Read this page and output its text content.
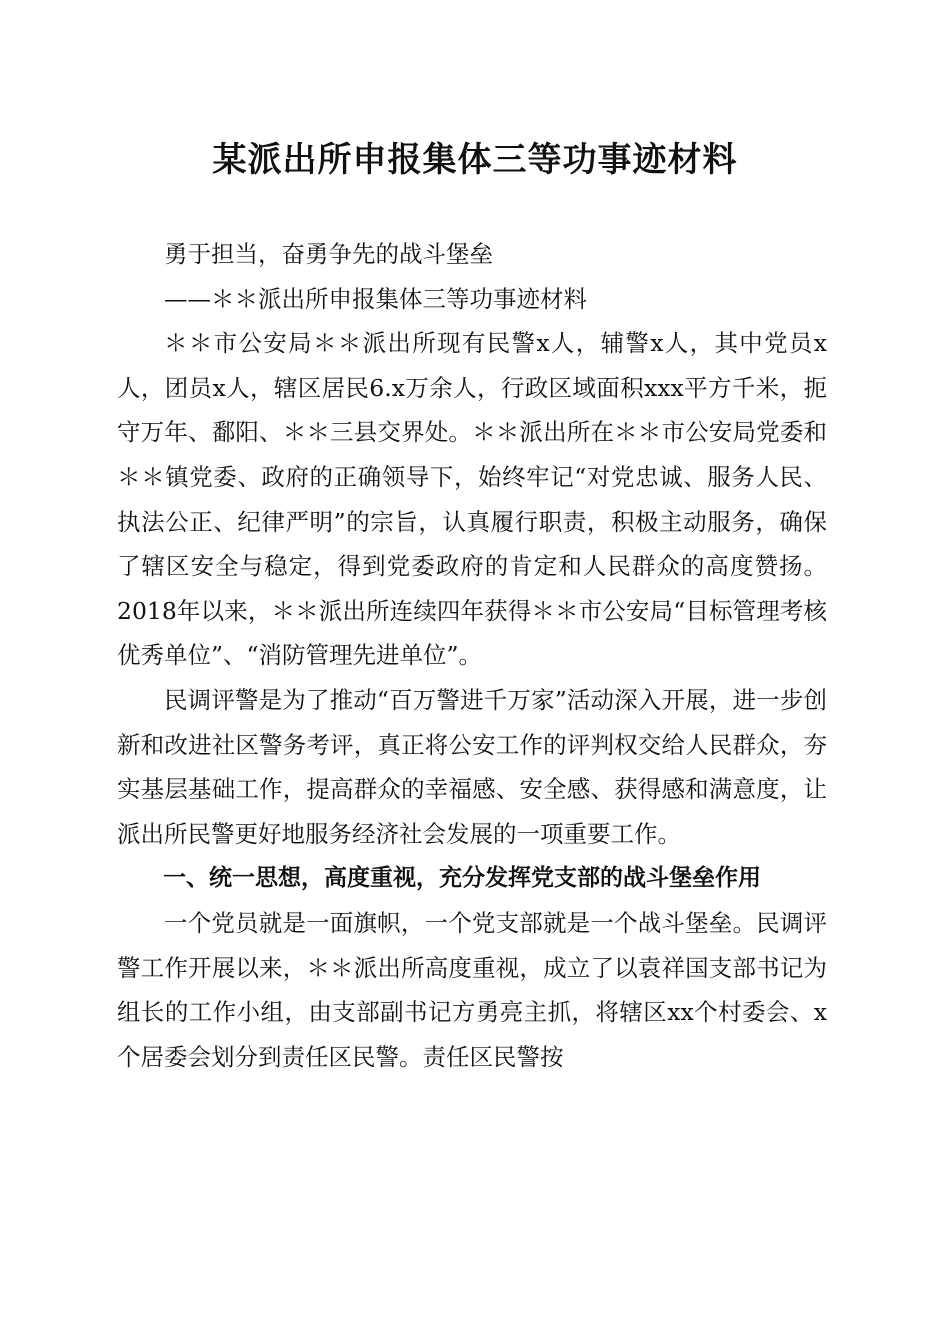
某派出所申报集体三等功事迹材料

勇于担当，奋勇争先的战斗堡垒

——＊＊派出所申报集体三等功事迹材料

＊＊市公安局＊＊派出所现有民警x人，辅警x人，其中党员x人，团员x人，辖区居民6.x万余人，行政区域面积xxx平方千米，扼守万年、鄱阳、＊＊三县交界处。＊＊派出所在＊＊市公安局党委和＊＊镇党委、政府的正确领导下，始终牢记“对党忠诚、服务人民、执法公正、纪律严明”的宗旨，认真履行职责，积极主动服务，确保了辖区安全与稳定，得到党委政府的肯定和人民群众的高度赞扬。2018年以来，＊＊派出所连续四年获得＊＊市公安局“目标管理考核优秀单位”、“消防管理先进单位”。

民调评警是为了推动“百万警进千万家”活动深入开展，进一步创新和改进社区警务考评，真正将公安工作的评判权交给人民群众，夯实基层基础工作，提高群众的幸福感、安全感、获得感和满意度，让派出所民警更好地服务经济社会发展的一项重要工作。

一、统一思想，高度重视，充分发挥党支部的战斗堡垒作用

一个党员就是一面旗帜，一个党支部就是一个战斗堡垒。民调评警工作开展以来，＊＊派出所高度重视，成立了以袁祥国支部书记为组长的工作小组，由支部副书记方勇亮主抓，将辖区xx个村委会、x个居委会划分到责任区民警。责任区民警按
